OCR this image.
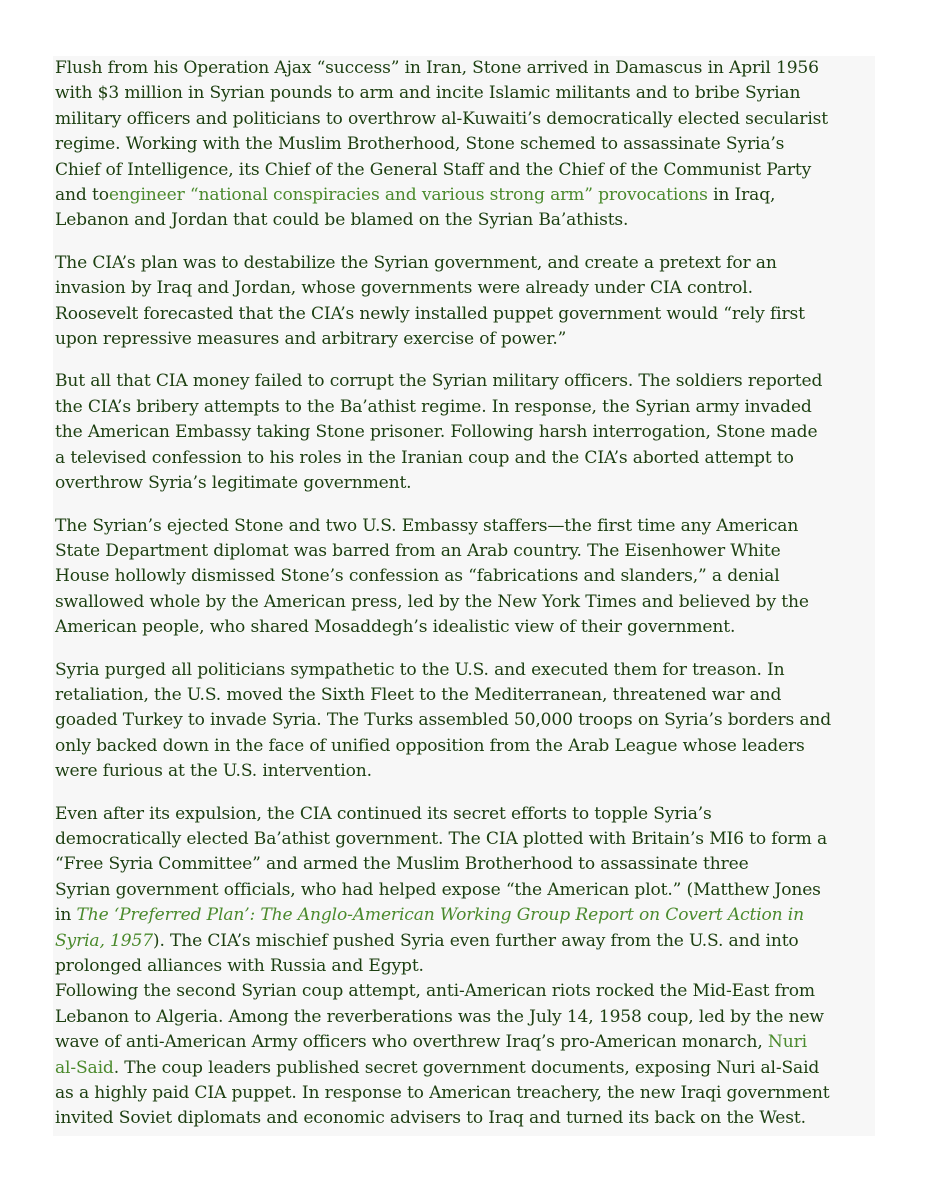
Flush from his Operation Ajax “success” in Iran, Stone arrived in Damascus in April 1956
with $3 million in Syrian pounds to arm and incite Islamic militants and to bribe Syrian
military officers and politicians to overthrow al-Kuwaiti’s democratically elected secularist
regime. Working with the Muslim Brotherhood, Stone schemed to assassinate Syria’s
Chief of Intelligence, its Chief of the General Staff and the Chief of the Communist Party
and toengineer “national conspiracies and various strong arm” provocations in Iraq,
Lebanon and Jordan that could be blamed on the Syrian Ba’athists.
The CIA’s plan was to destabilize the Syrian government, and create a pretext for an
invasion by Iraq and Jordan, whose governments were already under CIA control.
Roosevelt forecasted that the CIA’s newly installed puppet government would “rely first
upon repressive measures and arbitrary exercise of power.”
But all that CIA money failed to corrupt the Syrian military officers. The soldiers reported
the CIA’s bribery attempts to the Ba’athist regime. In response, the Syrian army invaded
the American Embassy taking Stone prisoner. Following harsh interrogation, Stone made
a televised confession to his roles in the Iranian coup and the CIA’s aborted attempt to
overthrow Syria’s legitimate government.
The Syrian’s ejected Stone and two U.S. Embassy staffers—the first time any American
State Department diplomat was barred from an Arab country. The Eisenhower White
House hollowly dismissed Stone’s confession as “fabrications and slanders,” a denial
swallowed whole by the American press, led by the New York Times and believed by the
American people, who shared Mosaddegh’s idealistic view of their government.
Syria purged all politicians sympathetic to the U.S. and executed them for treason. In
retaliation, the U.S. moved the Sixth Fleet to the Mediterranean, threatened war and
goaded Turkey to invade Syria. The Turks assembled 50,000 troops on Syria’s borders and
only backed down in the face of unified opposition from the Arab League whose leaders
were furious at the U.S. intervention.
Even after its expulsion, the CIA continued its secret efforts to topple Syria’s
democratically elected Ba’athist government. The CIA plotted with Britain’s MI6 to form a
“Free Syria Committee” and armed the Muslim Brotherhood to assassinate three
Syrian government officials, who had helped expose “the American plot.” (Matthew Jones
in The ‘Preferred Plan’: The Anglo-American Working Group Report on Covert Action in
Syria, 1957). The CIA’s mischief pushed Syria even further away from the U.S. and into
prolonged alliances with Russia and Egypt.
Following the second Syrian coup attempt, anti-American riots rocked the Mid-East from
Lebanon to Algeria. Among the reverberations was the July 14, 1958 coup, led by the new
wave of anti-American Army officers who overthrew Iraq’s pro-American monarch, Nuri
al-Said. The coup leaders published secret government documents, exposing Nuri al-Said
as a highly paid CIA puppet. In response to American treachery, the new Iraqi government
invited Soviet diplomats and economic advisers to Iraq and turned its back on the West.
